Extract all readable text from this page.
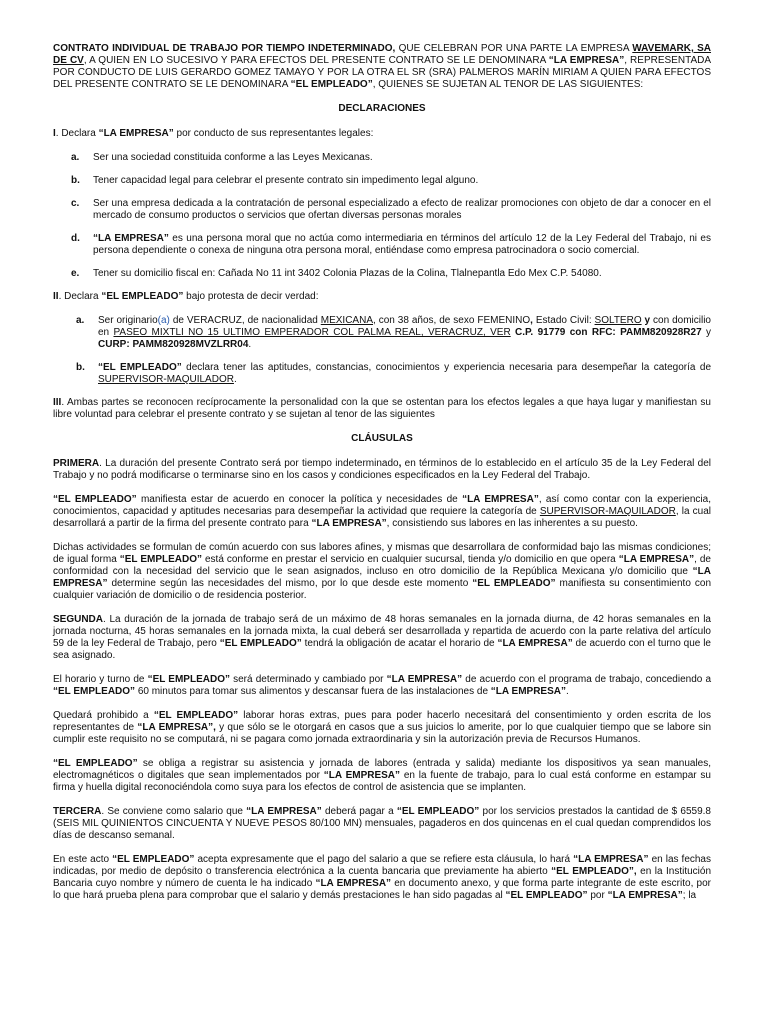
CONTRATO INDIVIDUAL DE TRABAJO POR TIEMPO INDETERMINADO, QUE CELEBRAN POR UNA PARTE LA EMPRESA WAVEMARK, SA DE CV, A QUIEN EN LO SUCESIVO Y PARA EFECTOS DEL PRESENTE CONTRATO SE LE DENOMINARA “LA EMPRESA”, REPRESENTADA POR CONDUCTO DE LUIS GERARDO GOMEZ TAMAYO Y POR LA OTRA EL SR (SRA) PALMEROS MARÍN MIRIAM A QUIEN PARA EFECTOS DEL PRESENTE CONTRATO SE LE DENOMINARA “EL EMPLEADO”, QUIENES SE SUJETAN AL TENOR DE LAS SIGUIENTES:

DECLARACIONES

I. Declara “LA EMPRESA” por conducto de sus representantes legales:

a.	Ser una sociedad constituida conforme a las Leyes Mexicanas.
b.	Tener capacidad legal para celebrar el presente contrato sin impedimento legal alguno.
c.	Ser una empresa dedicada a la contratación de personal especializado a efecto de realizar promociones con objeto de dar a conocer en el mercado de consumo productos o servicios que ofertan diversas personas morales
d.	“LA EMPRESA” es una persona moral que no actúa como intermediaria en términos del artículo 12 de la Ley Federal del Trabajo, ni es persona dependiente o conexa de ninguna otra persona moral, entiéndase como empresa patrocinadora o socio comercial.
e.	Tener su domicilio fiscal en: Cañada No 11 int 3402 Colonia Plazas de la Colina, Tlalnepantla Edo Mex C.P. 54080.

II. Declara “EL EMPLEADO” bajo protesta de decir verdad:

a.	Ser originario(a) de VERACRUZ, de nacionalidad MEXICANA, con 38 años, de sexo FEMENINO, Estado Civil: SOLTERO y con domicilio en PASEO MIXTLI NO 15 ULTIMO EMPERADOR COL PALMA REAL, VERACRUZ, VER C.P. 91779 con RFC: PAMM820928R27 y CURP: PAMM820928MVZLRR04.
b.	“EL EMPLEADO” declara tener las aptitudes, constancias, conocimientos y experiencia necesaria para desempeñar la categoría de SUPERVISOR-MAQUILADOR.

III. Ambas partes se reconocen recíprocamente la personalidad con la que se ostentan para los efectos legales a que haya lugar y manifiestan su libre voluntad para celebrar el presente contrato y se sujetan al tenor de las siguientes

CLÁUSULAS

PRIMERA. La duración del presente Contrato será por tiempo indeterminado, en términos de lo establecido en el artículo 35 de la Ley Federal del Trabajo y no podrá modificarse o terminarse sino en los casos y condiciones especificados en la Ley Federal del Trabajo.

“EL EMPLEADO” manifiesta estar de acuerdo en conocer la política y necesidades de “LA EMPRESA”, así como contar con la experiencia, conocimientos, capacidad y aptitudes necesarias para desempeñar la actividad que requiere la categoría de SUPERVISOR-MAQUILADOR, la cual desarrollará a partir de la firma del presente contrato para “LA EMPRESA”, consistiendo sus labores en las inherentes a su puesto.

Dichas actividades se formulan de común acuerdo con sus labores afines, y mismas que desarrollara de conformidad bajo las mismas condiciones; de igual forma “EL EMPLEADO” está conforme en prestar el servicio en cualquier sucursal, tienda y/o domicilio en que opera “LA EMPRESA”, de conformidad con la necesidad del servicio que le sean asignados, incluso en otro domicilio de la República Mexicana y/o domicilio que “LA EMPRESA” determine según las necesidades del mismo, por lo que desde este momento “EL EMPLEADO” manifiesta su consentimiento con cualquier variación de domicilio o de residencia posterior.

SEGUNDA. La duración de la jornada de trabajo será de un máximo de 48 horas semanales en la jornada diurna, de 42 horas semanales en la jornada nocturna, 45 horas semanales en la jornada mixta, la cual deberá ser desarrollada y repartida de acuerdo con la parte relativa del artículo 59 de la ley Federal de Trabajo, pero “EL EMPLEADO” tendrá la obligación de acatar el horario de “LA EMPRESA” de acuerdo con el turno que le sea asignado.

El horario y turno de “EL EMPLEADO” será determinado y cambiado por “LA EMPRESA” de acuerdo con el programa de trabajo, concediendo a “EL EMPLEADO” 60 minutos para tomar sus alimentos y descansar fuera de las instalaciones de “LA EMPRESA”.

Quedará prohibido a “EL EMPLEADO” laborar horas extras, pues para poder hacerlo necesitará del consentimiento y orden escrita de los representantes de “LA EMPRESA”, y que sólo se le otorgará en casos que a sus juicios lo amerite, por lo que cualquier tiempo que se labore sin cumplir este requisito no se computará, ni se pagara como jornada extraordinaria y sin la autorización previa de Recursos Humanos.

“EL EMPLEADO” se obliga a registrar su asistencia y jornada de labores (entrada y salida) mediante los dispositivos ya sean manuales, electromagnéticos o digitales que sean implementados por “LA EMPRESA” en la fuente de trabajo, para lo cual está conforme en estampar su firma y huella digital reconociéndola como suya para los efectos de control de asistencia que se implanten.

TERCERA. Se conviene como salario que “LA EMPRESA” deberá pagar a “EL EMPLEADO” por los servicios prestados la cantidad de $ 6559.8 (SEIS MIL QUINIENTOS CINCUENTA Y NUEVE PESOS 80/100 MN) mensuales, pagaderos en dos quincenas en el cual quedan comprendidos los días de descanso semanal.

En este acto “EL EMPLEADO” acepta expresamente que el pago del salario a que se refiere esta cláusula, lo hará “LA EMPRESA” en las fechas indicadas, por medio de depósito o transferencia electrónica a la cuenta bancaria que previamente ha abierto “EL EMPLEADO”, en la Institución Bancaria cuyo nombre y número de cuenta le ha indicado “LA EMPRESA” en documento anexo, y que forma parte integrante de este escrito, por lo que hará prueba plena para comprobar que el salario y demás prestaciones le han sido pagadas al “EL EMPLEADO” por “LA EMPRESA”; la
